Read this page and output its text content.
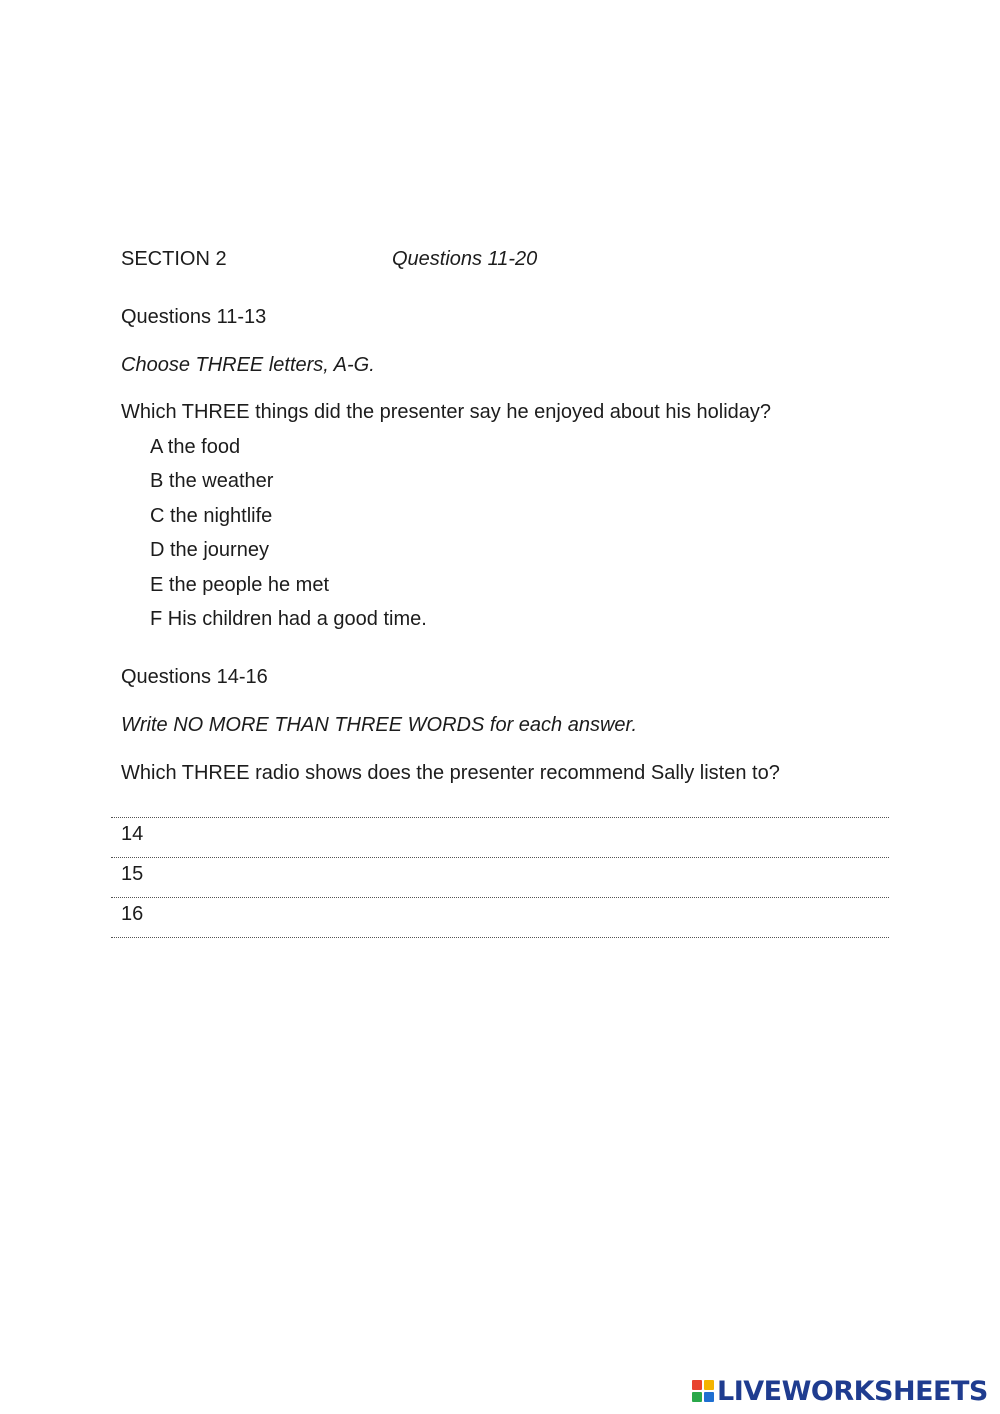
SECTION 2	Questions 11-20
Questions 11-13
Choose THREE letters, A-G.
Which THREE things did the presenter say he enjoyed about his holiday?
A the food
B the weather
C the nightlife
D the journey
E the people he met
F His children had a good time.
Questions 14-16
Write NO MORE THAN THREE WORDS for each answer.
Which THREE radio shows does the presenter recommend Sally listen to?
14
15
16
LIVEWORKSHEETS
